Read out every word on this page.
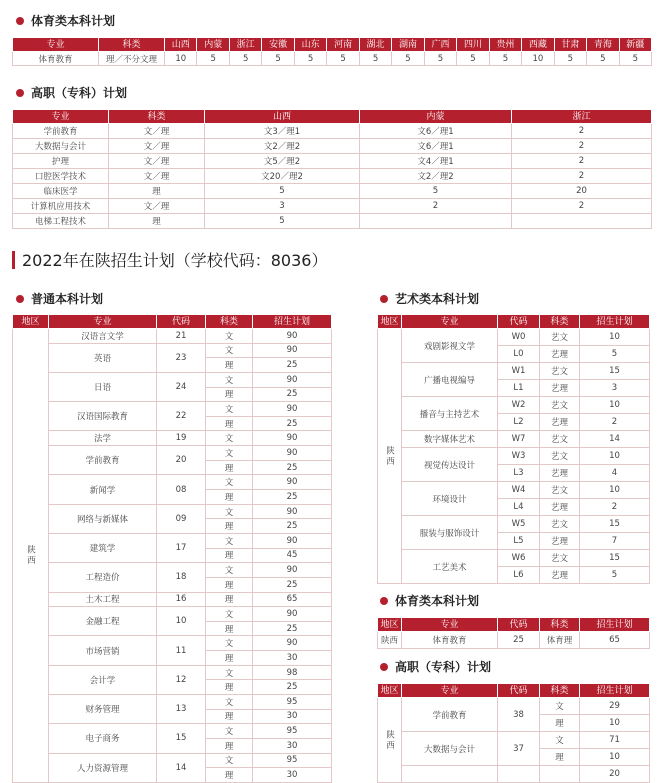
体育类本科计划
专业	科类	山西	内蒙	浙江	安徽	山东	河南	湖北	湖南	广西	四川	贵州	西藏	甘肃	青海	新疆
体育教育	理／不分文理	10	5	5	5	5	5	5	5	5	5	5	10	5	5	5
高职（专科）计划
专业	科类	山西	内蒙	浙江
学前教育	文／理	文3／理1	文6／理1	2
大数据与会计	文／理	文2／理2	文6／理1	2
护理	文／理	文5／理2	文4／理1	2
口腔医学技术	文／理	文20／理2	文2／理2	2
临床医学	理	5	5	20
计算机应用技术	文／理	3	2	2
电梯工程技术	理	5		
2022年在陕招生计划（学校代码：8036）
普通本科计划
地区	专业	代码	科类	招生计划
陕西	汉语言文学	21	文	90
	英语	23	文	90
			理	25
	日语	24	文	90
			理	25
	汉语国际教育	22	文	90
			理	25
	法学	19	文	90
	学前教育	20	文	90
			理	25
	新闻学	08	文	90
			理	25
	网络与新媒体	09	文	90
			理	25
	建筑学	17	文	90
			理	45
	工程造价	18	文	90
			理	25
	土木工程	16	理	65
	金融工程	10	文	90
			理	25
	市场营销	11	文	90
			理	30
	会计学	12	文	98
			理	25
	财务管理	13	文	95
			理	30
	电子商务	15	文	95
			理	30
	人力资源管理	14	文	95
			理	30
艺术类本科计划
地区	专业	代码	科类	招生计划
陕西	戏剧影视文学	W0	艺文	10
		L0	艺理	5
	广播电视编导	W1	艺文	15
		L1	艺理	3
	播音与主持艺术	W2	艺文	10
		L2	艺理	2
	数字媒体艺术	W7	艺文	14
	视觉传达设计	W3	艺文	10
		L3	艺理	4
	环境设计	W4	艺文	10
		L4	艺理	2
	服装与服饰设计	W5	艺文	15
		L5	艺理	7
	工艺美术	W6	艺文	15
		L6	艺理	5
体育类本科计划
地区	专业	代码	科类	招生计划
陕西	体育教育	25	体育理	65
高职（专科）计划
地区	专业	代码	科类	招生计划
陕西	学前教育	38	文	29
			理	10
	大数据与会计	37	文	71
			理	10
				20
